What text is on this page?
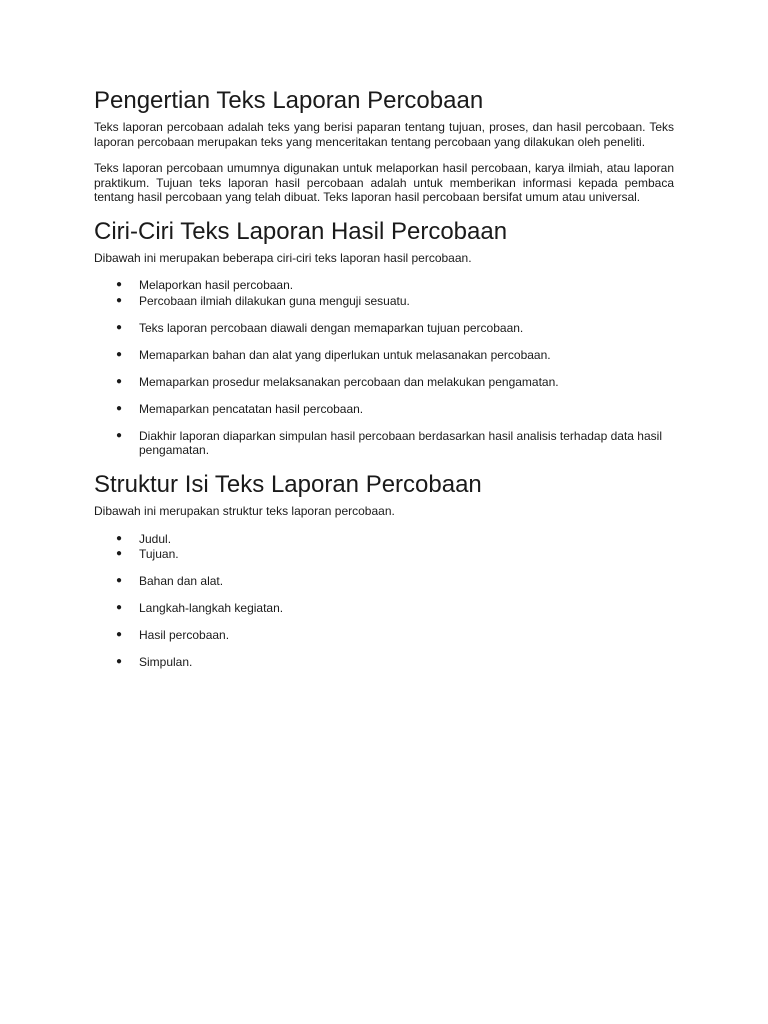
Pengertian Teks Laporan Percobaan

Teks laporan percobaan adalah teks yang berisi paparan tentang tujuan, proses, dan hasil percobaan. Teks laporan percobaan merupakan teks yang menceritakan tentang percobaan yang dilakukan oleh peneliti.

Teks laporan percobaan umumnya digunakan untuk melaporkan hasil percobaan, karya ilmiah, atau laporan praktikum. Tujuan teks laporan hasil percobaan adalah untuk memberikan informasi kepada pembaca tentang hasil percobaan yang telah dibuat. Teks laporan hasil percobaan bersifat umum atau universal.

Ciri-Ciri Teks Laporan Hasil Percobaan

Dibawah ini merupakan beberapa ciri-ciri teks laporan hasil percobaan.

● Melaporkan hasil percobaan.
● Percobaan ilmiah dilakukan guna menguji sesuatu.
● Teks laporan percobaan diawali dengan memaparkan tujuan percobaan.
● Memaparkan bahan dan alat yang diperlukan untuk melasanakan percobaan.
● Memaparkan prosedur melaksanakan percobaan dan melakukan pengamatan.
● Memaparkan pencatatan hasil percobaan.
● Diakhir laporan diaparkan simpulan hasil percobaan berdasarkan hasil analisis terhadap data hasil pengamatan.
Struktur Isi Teks Laporan Percobaan

Dibawah ini merupakan struktur teks laporan percobaan.

● Judul.
● Tujuan.
● Bahan dan alat.
● Langkah-langkah kegiatan.
● Hasil percobaan.
● Simpulan.
